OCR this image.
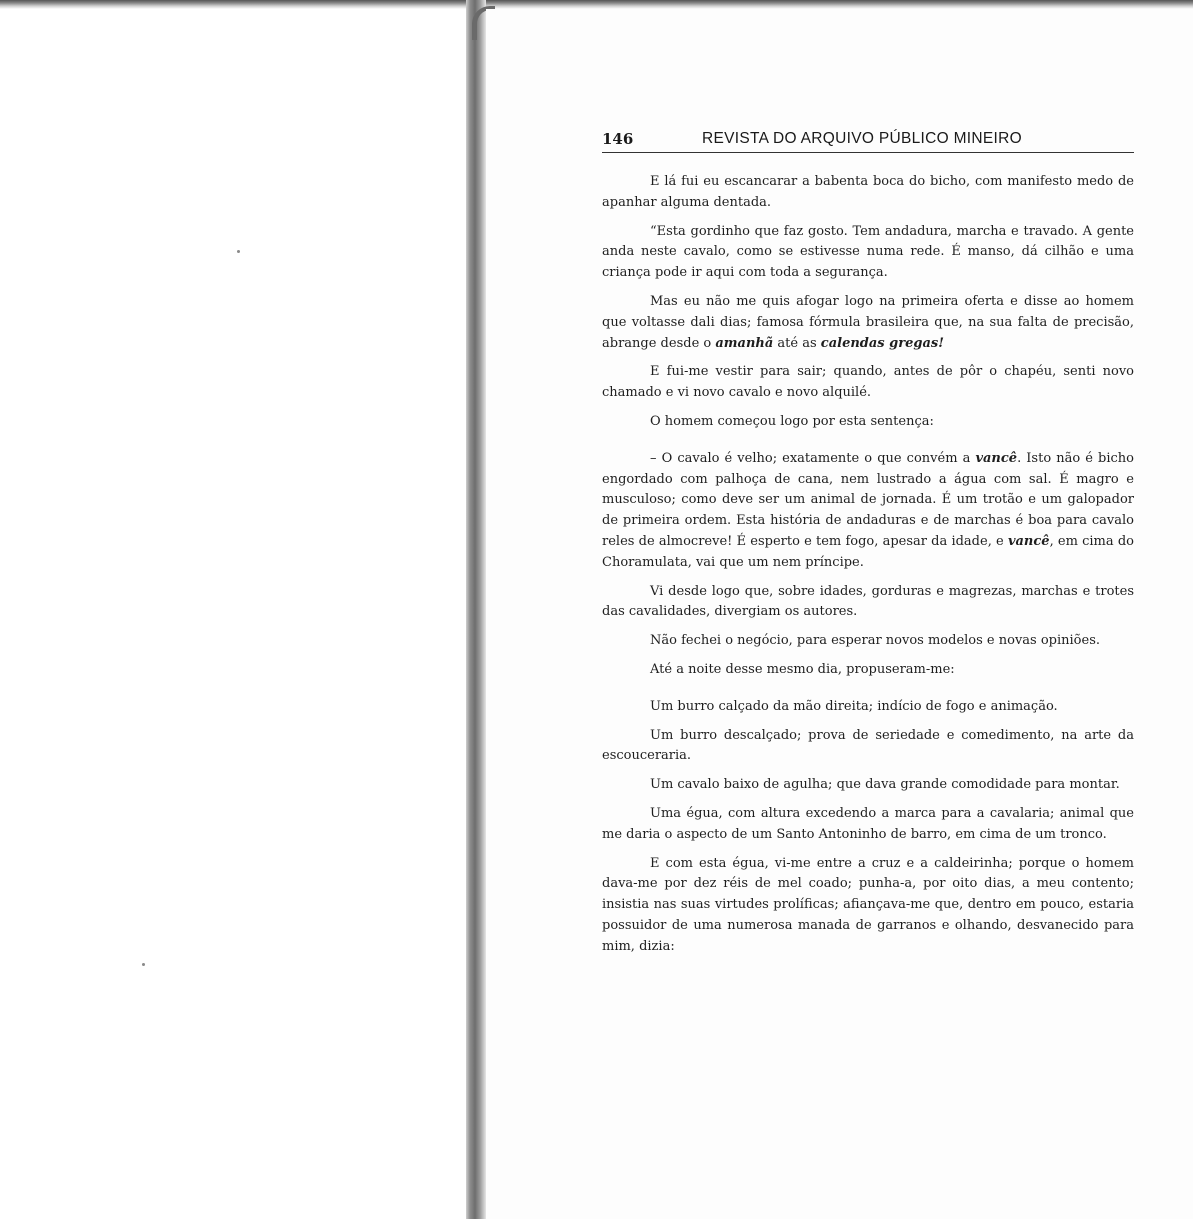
146	REVISTA DO ARQUIVO PÚBLICO MINEIRO

E lá fui eu escancarar a babenta boca do bicho, com manifesto medo de apanhar alguma dentada.

“Esta gordinho que faz gosto. Tem andadura, marcha e travado. A gente anda neste cavalo, como se estivesse numa rede. É manso, dá cilhão e uma criança pode ir aqui com toda a segurança.

Mas eu não me quis afogar logo na primeira oferta e disse ao homem que voltasse dali dias; famosa fórmula brasileira que, na sua falta de precisão, abrange desde o amanhã até as calendas gregas!

E fui-me vestir para sair; quando, antes de pôr o chapéu, senti novo chamado e vi novo cavalo e novo alquilé.

O homem começou logo por esta sentença:

– O cavalo é velho; exatamente o que convém a vancê. Isto não é bicho engordado com palhoça de cana, nem lustrado a água com sal. É magro e musculoso; como deve ser um animal de jornada. É um trotão e um galopador de primeira ordem. Esta história de andaduras e de marchas é boa para cavalo reles de almocreve! É esperto e tem fogo, apesar da idade, e vancê, em cima do Choramulata, vai que um nem príncipe.

Vi desde logo que, sobre idades, gorduras e magrezas, marchas e trotes das cavalidades, divergiam os autores.

Não fechei o negócio, para esperar novos modelos e novas opiniões.

Até a noite desse mesmo dia, propuseram-me:

Um burro calçado da mão direita; indício de fogo e animação.

Um burro descalçado; prova de seriedade e comedimento, na arte da escouceraria.

Um cavalo baixo de agulha; que dava grande comodidade para montar.

Uma égua, com altura excedendo a marca para a cavalaria; animal que me daria o aspecto de um Santo Antoninho de barro, em cima de um tronco.

E com esta égua, vi-me entre a cruz e a caldeirinha; porque o homem dava-me por dez réis de mel coado; punha-a, por oito dias, a meu contento; insistia nas suas virtudes prolíficas; afiançava-me que, dentro em pouco, estaria possuidor de uma numerosa manada de garranos e olhando, desvanecido para mim, dizia:
